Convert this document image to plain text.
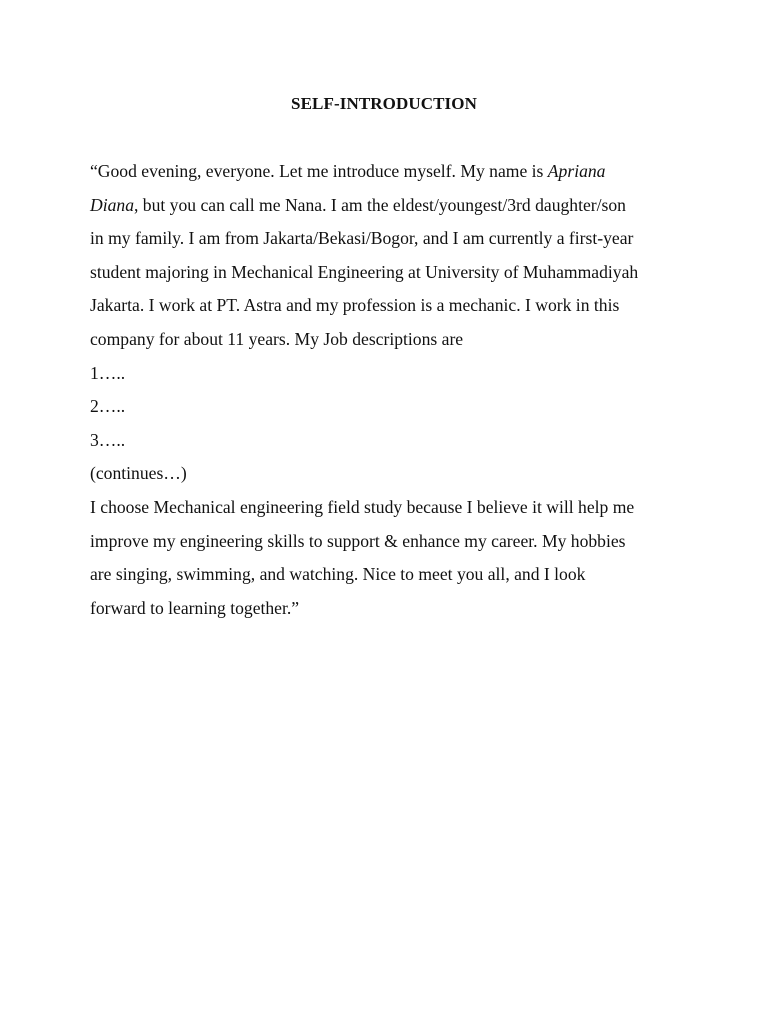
SELF-INTRODUCTION
“Good evening, everyone. Let me introduce myself. My name is Apriana
Diana, but you can call me Nana. I am the eldest/youngest/3rd daughter/son
in my family. I am from Jakarta/Bekasi/Bogor, and I am currently a first-year
student majoring in Mechanical Engineering at University of Muhammadiyah
Jakarta. I work at PT. Astra and my profession is a mechanic. I work in this
company for about 11 years. My Job descriptions are
1…..
2…..
3…..
(continues…)
I choose Mechanical engineering field study because I believe it will help me
improve my engineering skills to support & enhance my career. My hobbies
are singing, swimming, and watching. Nice to meet you all, and I look
forward to learning together.”
